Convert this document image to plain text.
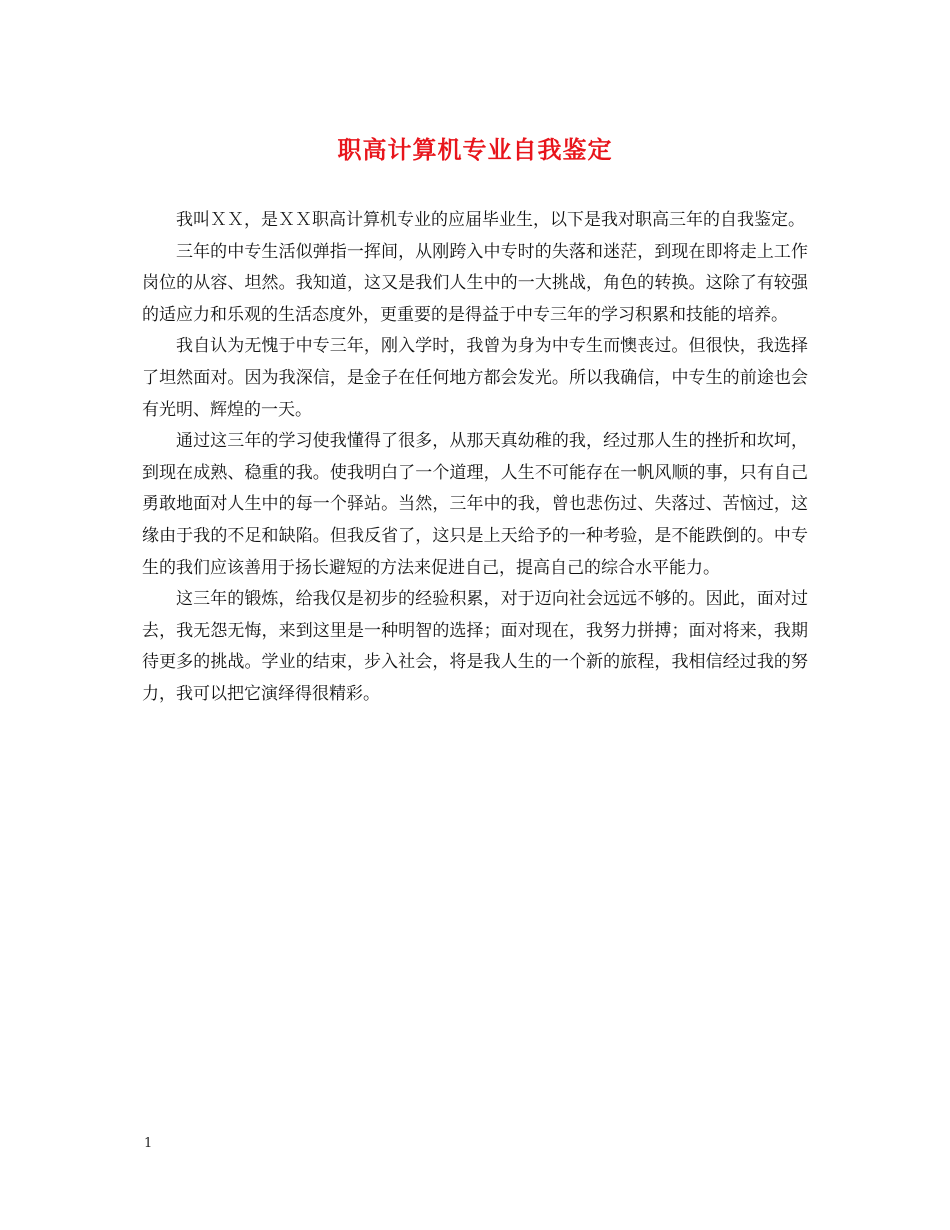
职高计算机专业自我鉴定

我叫ＸＸ，是ＸＸ职高计算机专业的应届毕业生，以下是我对职高三年的自我鉴定。

三年的中专生活似弹指一挥间，从刚跨入中专时的失落和迷茫，到现在即将走上工作岗位的从容、坦然。我知道，这又是我们人生中的一大挑战，角色的转换。这除了有较强的适应力和乐观的生活态度外，更重要的是得益于中专三年的学习积累和技能的培养。

我自认为无愧于中专三年，刚入学时，我曾为身为中专生而懊丧过。但很快，我选择了坦然面对。因为我深信，是金子在任何地方都会发光。所以我确信，中专生的前途也会有光明、辉煌的一天。

通过这三年的学习使我懂得了很多，从那天真幼稚的我，经过那人生的挫折和坎坷，到现在成熟、稳重的我。使我明白了一个道理，人生不可能存在一帆风顺的事，只有自己勇敢地面对人生中的每一个驿站。当然，三年中的我，曾也悲伤过、失落过、苦恼过，这缘由于我的不足和缺陷。但我反省了，这只是上天给予的一种考验，是不能跌倒的。中专生的我们应该善用于扬长避短的方法来促进自己，提高自己的综合水平能力。

这三年的锻炼，给我仅是初步的经验积累，对于迈向社会远远不够的。因此，面对过去，我无怨无悔，来到这里是一种明智的选择；面对现在，我努力拼搏；面对将来，我期待更多的挑战。学业的结束，步入社会，将是我人生的一个新的旅程，我相信经过我的努力，我可以把它演绎得很精彩。

1
